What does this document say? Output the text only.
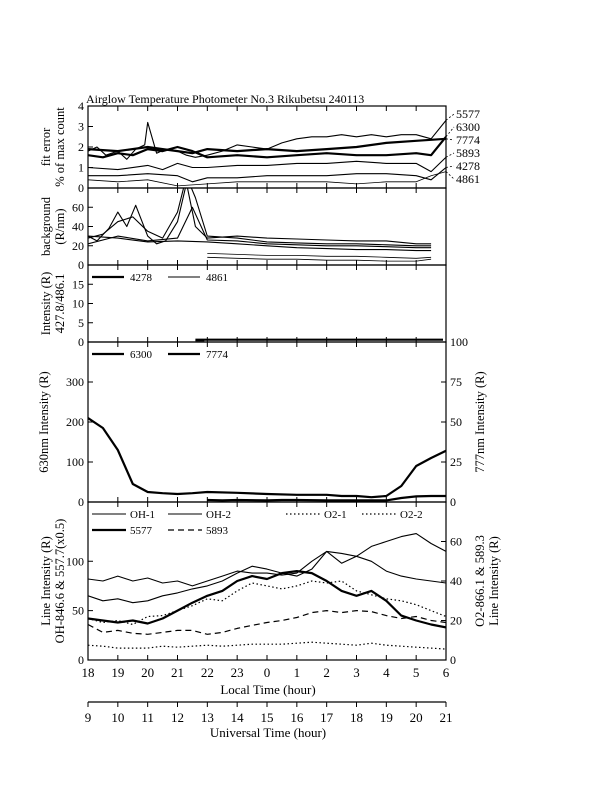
Airglow Temperature Photometer No.3 Rikubetsu 240113
0
1
2
3
4
fit error % of max count	5577
6300
7774
5893
4278
4861
0
20
40
60
background (R/nm)
0
5
10
15
Intensity (R) 427.8/486.1	4278	4861
0
100
200
300
0
25
50
75
100
630nm Intensity (R)	777nm Intensity (R)
6300	7774
0
50
100
0
20
40
60
Line Intensity (R) OH-846.6 & 557.7(x0.5)	O2-866.1 & 589.3 Line Intensity (R)
OH-1	OH-2	O2-1	O2-2
5577	5893
18 19 20 21 22 23 0 1 2 3 4 5 6
Local Time (hour)
9 10 11 12 13 14 15 16 17 18 19 20 21
Universal Time (hour)
